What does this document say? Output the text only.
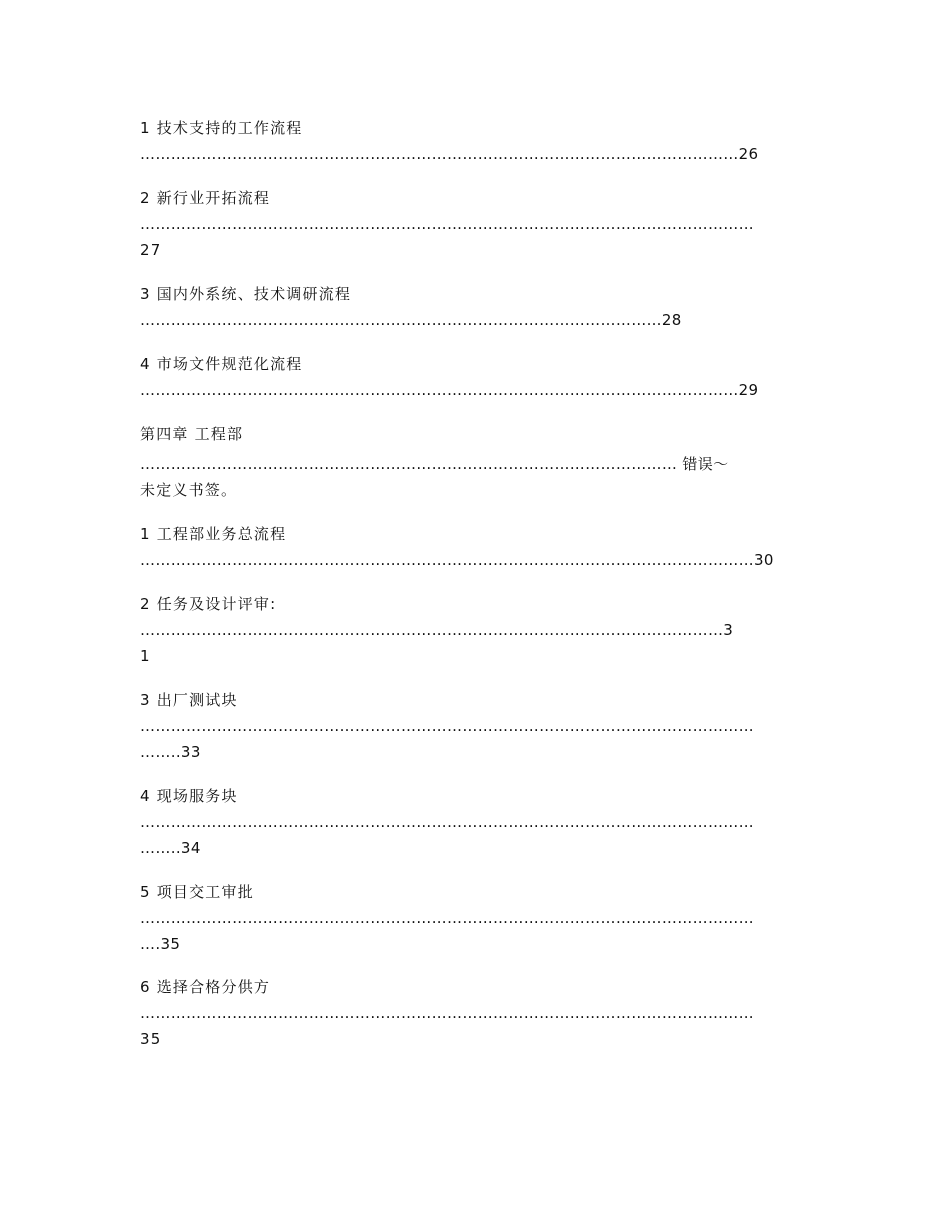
1 技术支持的工作流程
………………………………………………………………………………………………………26
2 新行业开拓流程
…………………………………………………………………………………………………………
27
3 国内外系统、技术调研流程
…………………………………………………………………………………………28
4 市场文件规范化流程
………………………………………………………………………………………………………29
第四章 工程部
…………………………………………………………………………………………… 错误～
未定义书签。
1 工程部业务总流程
…………………………………………………………………………………………………………30
2 任务及设计评审:
……………………………………………………………………………………………………3
1
3 出厂测试块
…………………………………………………………………………………………………………
……..33
4 现场服务块
…………………………………………………………………………………………………………
……..34
5 项目交工审批
…………………………………………………………………………………………………………
….35
6 选择合格分供方
…………………………………………………………………………………………………………
35
